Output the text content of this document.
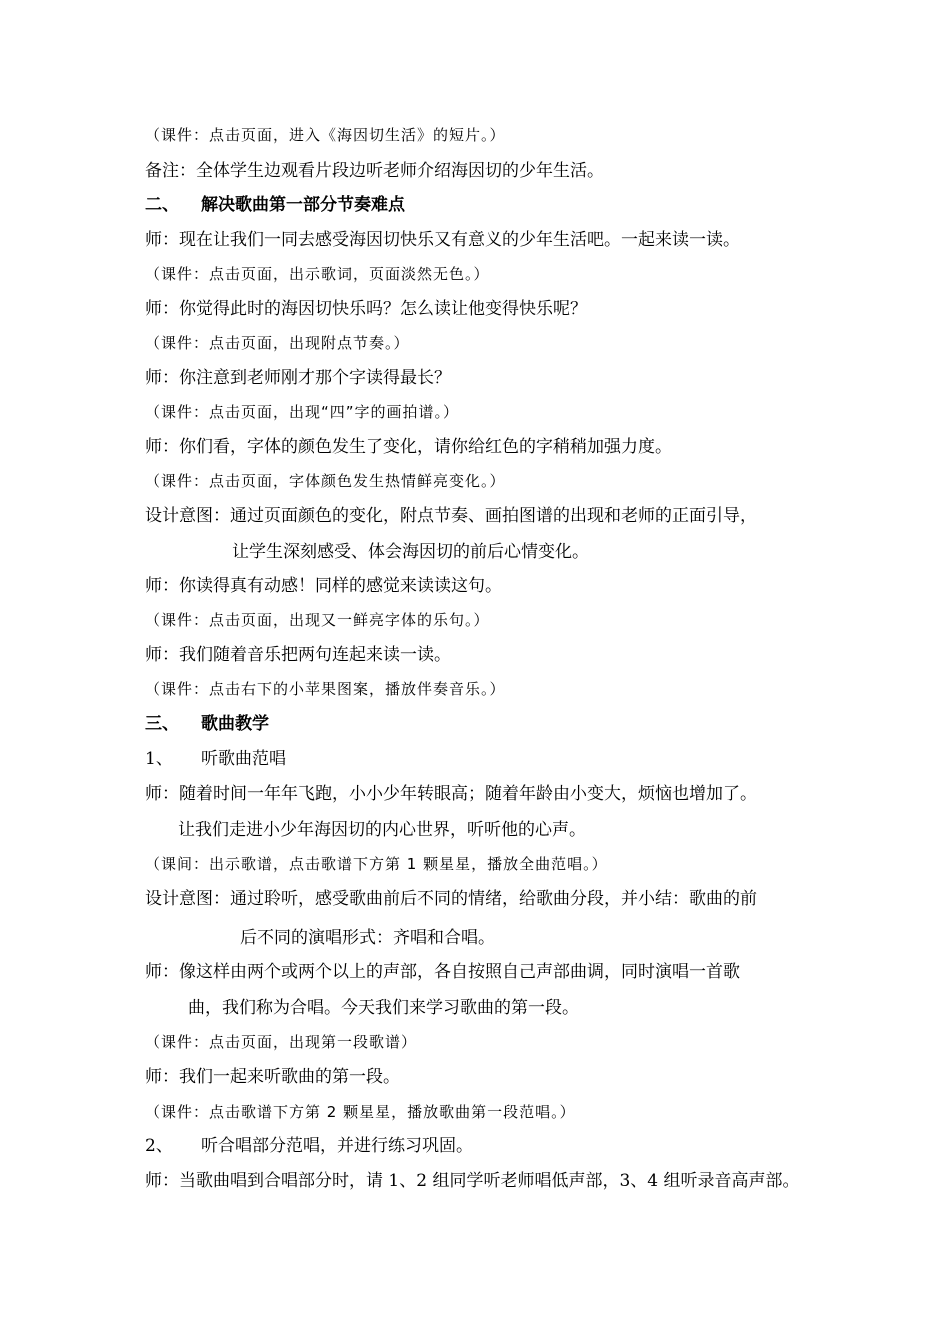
（课件：点击页面，进入《海因切生活》的短片。）
备注：全体学生边观看片段边听老师介绍海因切的少年生活。
二、 解决歌曲第一部分节奏难点
师：现在让我们一同去感受海因切快乐又有意义的少年生活吧。一起来读一读。
（课件：点击页面，出示歌词，页面淡然无色。）
师：你觉得此时的海因切快乐吗？怎么读让他变得快乐呢？
（课件：点击页面，出现附点节奏。）
师：你注意到老师刚才那个字读得最长？
（课件：点击页面，出现“四”字的画拍谱。）
师：你们看，字体的颜色发生了变化，请你给红色的字稍稍加强力度。
（课件：点击页面，字体颜色发生热情鲜亮变化。）
设计意图：通过页面颜色的变化，附点节奏、画拍图谱的出现和老师的正面引导，
让学生深刻感受、体会海因切的前后心情变化。
师：你读得真有动感！同样的感觉来读读这句。
（课件：点击页面，出现又一鲜亮字体的乐句。）
师：我们随着音乐把两句连起来读一读。
（课件：点击右下的小苹果图案，播放伴奏音乐。）
三、 歌曲教学
1、 听歌曲范唱
师：随着时间一年年飞跑，小小少年转眼高；随着年龄由小变大，烦恼也增加了。
让我们走进小少年海因切的内心世界，听听他的心声。
（课间：出示歌谱，点击歌谱下方第 1 颗星星，播放全曲范唱。）
设计意图：通过聆听，感受歌曲前后不同的情绪，给歌曲分段，并小结：歌曲的前
后不同的演唱形式：齐唱和合唱。
师：像这样由两个或两个以上的声部，各自按照自己声部曲调，同时演唱一首歌
曲，我们称为合唱。今天我们来学习歌曲的第一段。
（课件：点击页面，出现第一段歌谱）
师：我们一起来听歌曲的第一段。
（课件：点击歌谱下方第 2 颗星星，播放歌曲第一段范唱。）
2、 听合唱部分范唱，并进行练习巩固。
师：当歌曲唱到合唱部分时，请 1、2 组同学听老师唱低声部，3、4 组听录音高声部。
